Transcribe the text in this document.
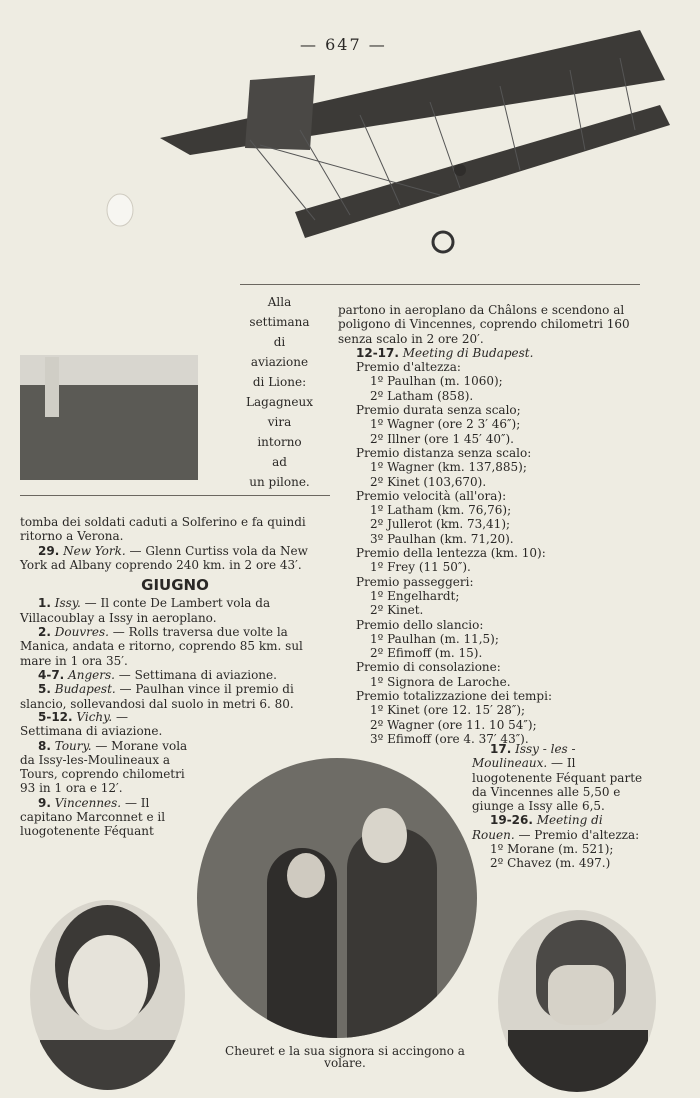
— 647 —
Alla
settimana
di
aviazione
di Lione:
Lagagneux
vira
intorno
ad
un pilone.

partono in aeroplano da Châlons e scendono al poligono di Vincennes, coprendo chilometri 160 senza scalo in 2 ore 20′.

12-17. Meeting di Budapest.

Premio d'altezza:

1º Paulhan (m. 1060);

2º Latham (858).

Premio durata senza scalo;

1º Wagner (ore 2 3′ 46″);

2º Illner (ore 1 45′ 40″).

Premio distanza senza scalo:

1º Wagner (km. 137,885);

2º Kinet (103,670).

Premio velocità (all'ora):

1º Latham (km. 76,76);

2º Jullerot (km. 73,41);

3º Paulhan (km. 71,20).

Premio della lentezza (km. 10):

1º Frey (11 50″).

Premio passeggeri:

1º Engelhardt;

2º Kinet.

Premio dello slancio:

1º Paulhan (m. 11,5);

2º Efimoff (m. 15).

Premio di consolazione:

1º Signora de Laroche.

Premio totalizzazione dei tempi:

1º Kinet (ore 12. 15′ 28″);

2º Wagner (ore 11. 10 54″);

3º Efimoff (ore 4. 37′ 43″).

17. Issy - les - Moulineaux. — Il luogotenente Féquant parte da Vincennes alle 5,50 e giunge a Issy alle 6,5.

19-26. Meeting di Rouen. — Premio d'altezza:

1º Morane (m. 521);

2º Chavez (m. 497.)

tomba dei soldati caduti a Solferino e fa quindi ritorno a Verona.

29. New York. — Glenn Curtiss vola da New York ad Albany coprendo 240 km. in 2 ore 43′.

GIUGNO

1. Issy. — Il conte De Lambert vola da Villacoublay a Issy in aeroplano.

2. Douvres. — Rolls traversa due volte la Manica, andata e ritorno, coprendo 85 km. sul mare in 1 ora 35′.

4-7. Angers. — Settimana di aviazione.

5. Budapest. — Paulhan vince il premio di slancio, sollevandosi dal suolo in metri 6. 80.

5-12. Vichy. — Settimana di aviazione.

8. Toury. — Morane vola da Issy-les-Moulineaux a Tours, coprendo chilometri 93 in 1 ora e 12′.

9. Vincennes. — Il capitano Marconnet e il luogotenente Féquant

Cheuret e la sua signora si accingono a volare.
